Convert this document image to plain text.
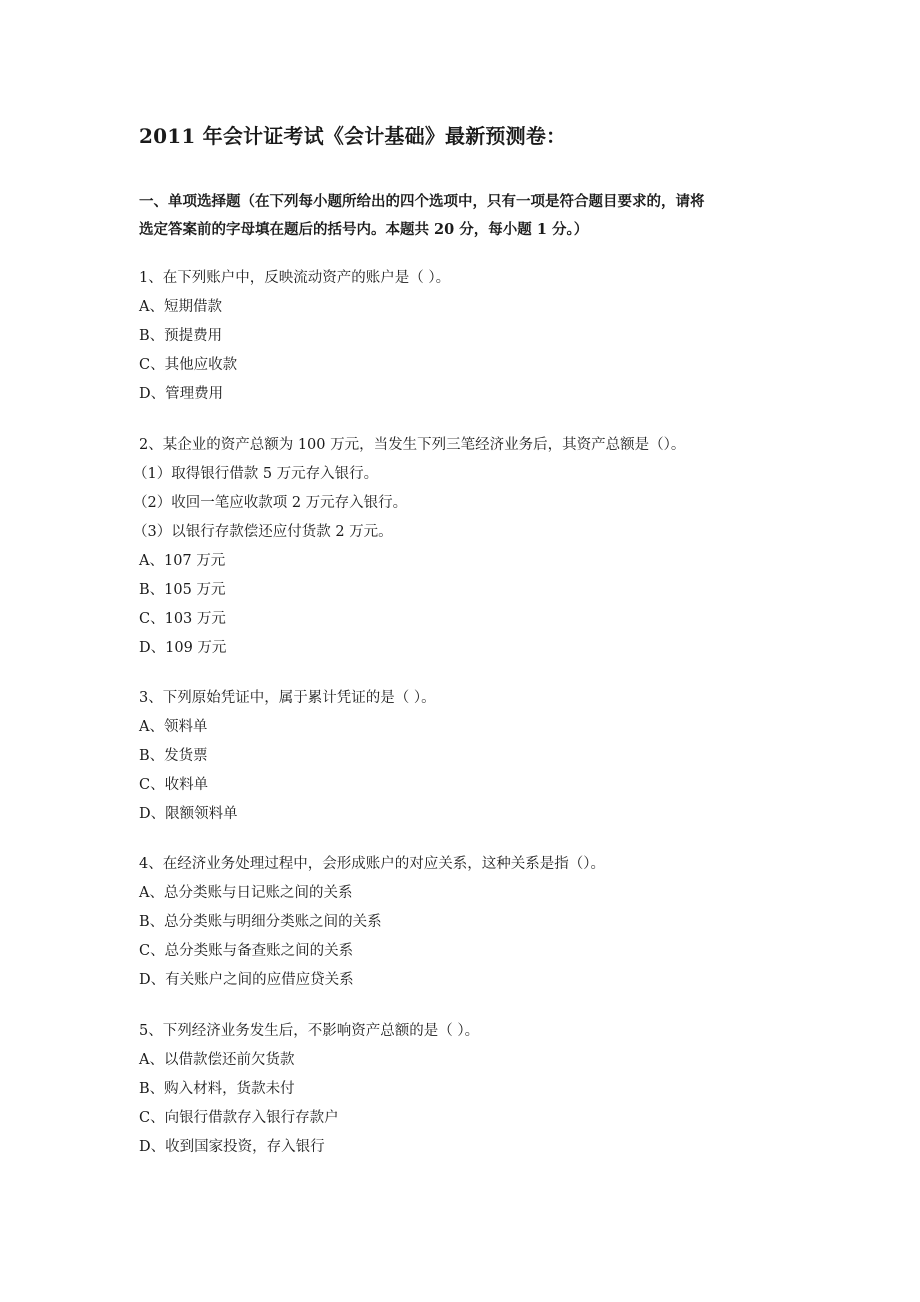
2011 年会计证考试《会计基础》最新预测卷：

一、单项选择题（在下列每小题所给出的四个选项中，只有一项是符合题目要求的，请将

选定答案前的字母填在题后的括号内。本题共 20 分，每小题 1 分。）

1、在下列账户中，反映流动资产的账户是（ ）。

A、短期借款

B、预提费用

C、其他应收款

D、管理费用

2、某企业的资产总额为 100 万元，当发生下列三笔经济业务后，其资产总额是（）。

（1）取得银行借款 5 万元存入银行。

（2）收回一笔应收款项 2 万元存入银行。

（3）以银行存款偿还应付货款 2 万元。

A、107 万元

B、105 万元

C、103 万元

D、109 万元

3、下列原始凭证中，属于累计凭证的是（ ）。

A、领料单

B、发货票

C、收料单

D、限额领料单

4、在经济业务处理过程中，会形成账户的对应关系，这种关系是指（）。

A、总分类账与日记账之间的关系

B、总分类账与明细分类账之间的关系

C、总分类账与备查账之间的关系

D、有关账户之间的应借应贷关系

5、下列经济业务发生后，不影响资产总额的是（ ）。

A、以借款偿还前欠货款

B、购入材料，货款未付

C、向银行借款存入银行存款户

D、收到国家投资，存入银行
